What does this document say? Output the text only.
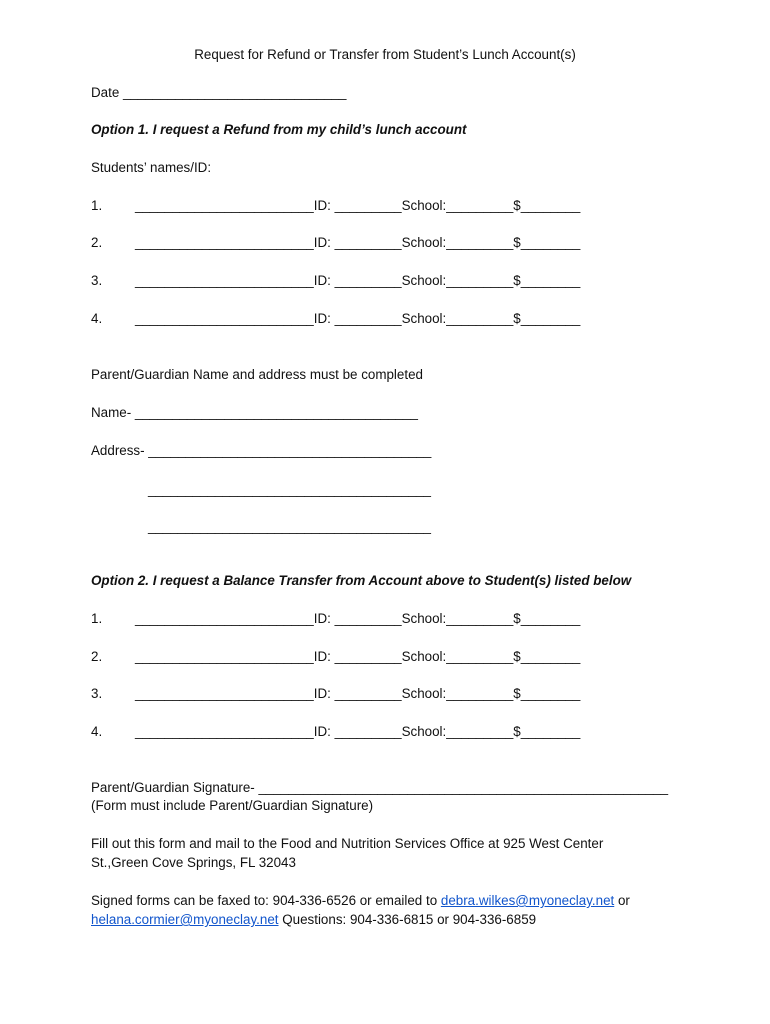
Request for Refund or Transfer from Student’s Lunch Account(s)
Date ______________________________
Option 1. I request a Refund from my child’s lunch account
Students’ names/ID:
1. ________________________ID: _________School:_________$________
2. ________________________ID: _________School:_________$________
3. ________________________ID: _________School:_________$________
4. ________________________ID: _________School:_________$________
Parent/Guardian Name and address must be completed
Name- ______________________________________
Address- ______________________________________
______________________________________
______________________________________
Option 2. I request a Balance Transfer from Account above to Student(s) listed below
1. ________________________ID: _________School:_________$________
2. ________________________ID: _________School:_________$________
3. ________________________ID: _________School:_________$________
4. ________________________ID: _________School:_________$________
Parent/Guardian Signature- _______________________________________________________
(Form must include Parent/Guardian Signature)
Fill out this form and mail to the Food and Nutrition Services Office at 925 West Center
St.,Green Cove Springs, FL 32043
Signed forms can be faxed to: 904-336-6526 or emailed to debra.wilkes@myoneclay.net or
helana.cormier@myoneclay.net Questions: 904-336-6815 or 904-336-6859
